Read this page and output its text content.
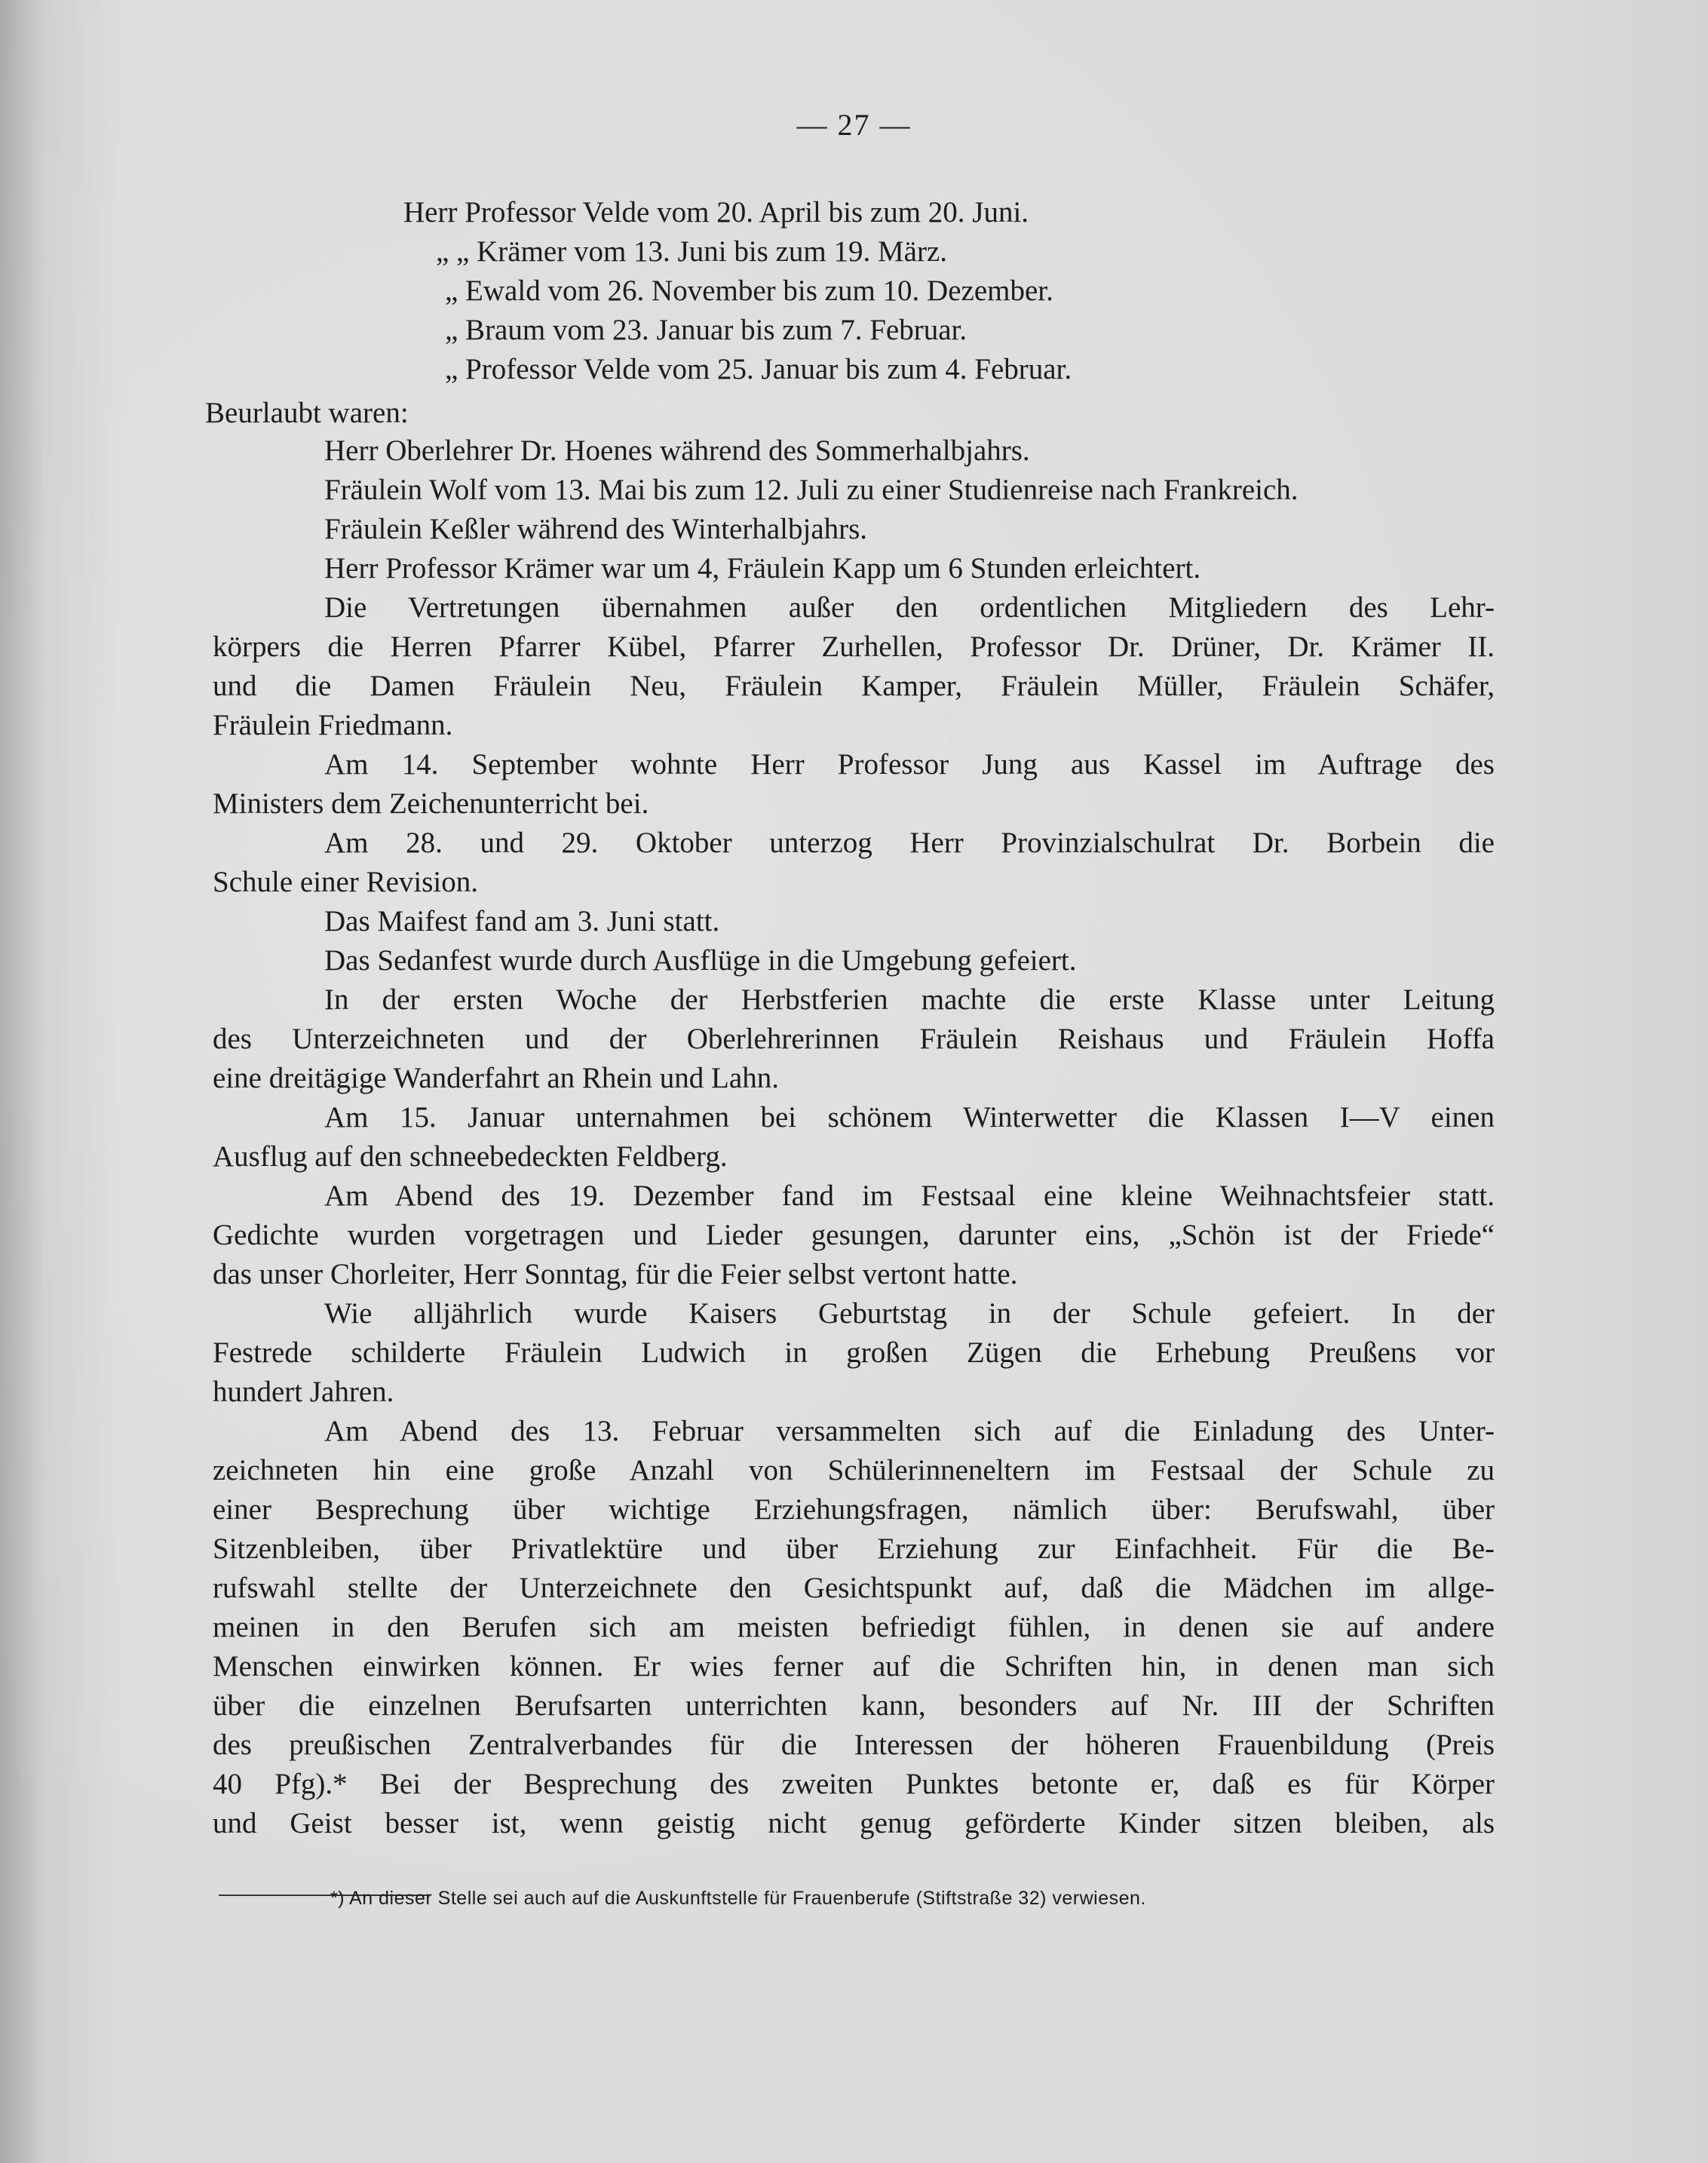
— 27 —
Herr Professor Velde vom 20. April bis zum 20. Juni.
„ „ Krämer vom 13. Juni bis zum 19. März.
„ Ewald vom 26. November bis zum 10. Dezember.
„ Braum vom 23. Januar bis zum 7. Februar.
„ Professor Velde vom 25. Januar bis zum 4. Februar.
Beurlaubt waren:
Herr Oberlehrer Dr. Hoenes während des Sommerhalbjahrs.
Fräulein Wolf vom 13. Mai bis zum 12. Juli zu einer Studienreise nach Frankreich.
Fräulein Keßler während des Winterhalbjahrs.
Herr Professor Krämer war um 4, Fräulein Kapp um 6 Stunden erleichtert.
Die Vertretungen übernahmen außer den ordentlichen Mitgliedern des Lehr-
körpers die Herren Pfarrer Kübel, Pfarrer Zurhellen, Professor Dr. Drüner, Dr. Krämer II.
und die Damen Fräulein Neu, Fräulein Kamper, Fräulein Müller, Fräulein Schäfer,
Fräulein Friedmann.
Am 14. September wohnte Herr Professor Jung aus Kassel im Auftrage des
Ministers dem Zeichenunterricht bei.
Am 28. und 29. Oktober unterzog Herr Provinzialschulrat Dr. Borbein die
Schule einer Revision.
Das Maifest fand am 3. Juni statt.
Das Sedanfest wurde durch Ausflüge in die Umgebung gefeiert.
In der ersten Woche der Herbstferien machte die erste Klasse unter Leitung
des Unterzeichneten und der Oberlehrerinnen Fräulein Reishaus und Fräulein Hoffa
eine dreitägige Wanderfahrt an Rhein und Lahn.
Am 15. Januar unternahmen bei schönem Winterwetter die Klassen I—V einen
Ausflug auf den schneebedeckten Feldberg.
Am Abend des 19. Dezember fand im Festsaal eine kleine Weihnachtsfeier statt.
Gedichte wurden vorgetragen und Lieder gesungen, darunter eins, „Schön ist der Friede“
das unser Chorleiter, Herr Sonntag, für die Feier selbst vertont hatte.
Wie alljährlich wurde Kaisers Geburtstag in der Schule gefeiert. In der
Festrede schilderte Fräulein Ludwich in großen Zügen die Erhebung Preußens vor
hundert Jahren.
Am Abend des 13. Februar versammelten sich auf die Einladung des Unter-
zeichneten hin eine große Anzahl von Schülerinneneltern im Festsaal der Schule zu
einer Besprechung über wichtige Erziehungsfragen, nämlich über: Berufswahl, über
Sitzenbleiben, über Privatlektüre und über Erziehung zur Einfachheit. Für die Be-
rufswahl stellte der Unterzeichnete den Gesichtspunkt auf, daß die Mädchen im allge-
meinen in den Berufen sich am meisten befriedigt fühlen, in denen sie auf andere
Menschen einwirken können. Er wies ferner auf die Schriften hin, in denen man sich
über die einzelnen Berufsarten unterrichten kann, besonders auf Nr. III der Schriften
des preußischen Zentralverbandes für die Interessen der höheren Frauenbildung (Preis
40 Pfg).* Bei der Besprechung des zweiten Punktes betonte er, daß es für Körper
und Geist besser ist, wenn geistig nicht genug geförderte Kinder sitzen bleiben, als
*) An dieser Stelle sei auch auf die Auskunftstelle für Frauenberufe (Stiftstraße 32) verwiesen.
